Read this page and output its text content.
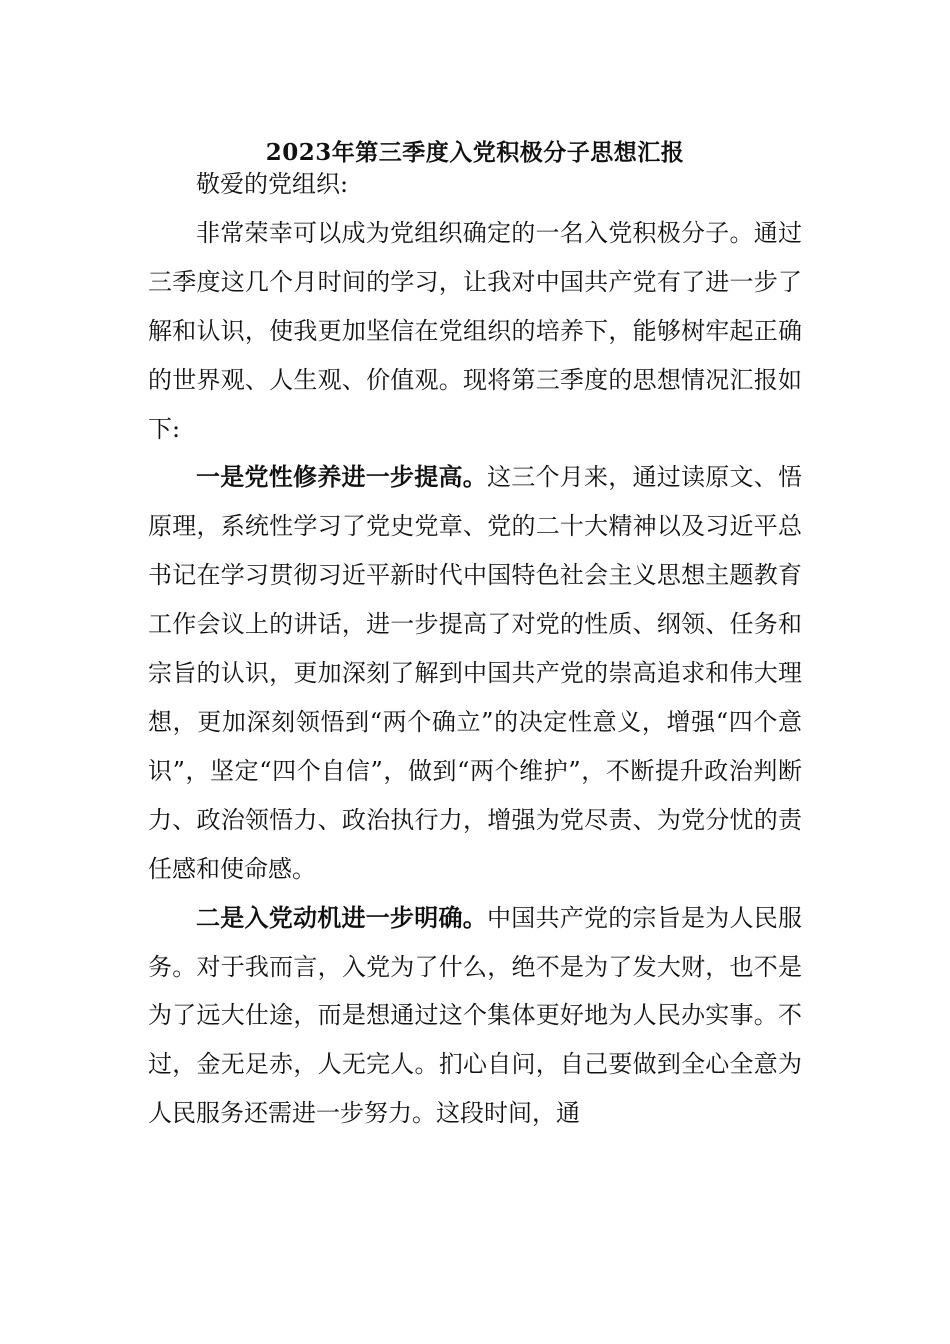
2023年第三季度入党积极分子思想汇报

敬爱的党组织:

非常荣幸可以成为党组织确定的一名入党积极分子。通过三季度这几个月时间的学习，让我对中国共产党有了进一步了解和认识，使我更加坚信在党组织的培养下，能够树牢起正确的世界观、人生观、价值观。现将第三季度的思想情况汇报如下:

一是党性修养进一步提高。这三个月来，通过读原文、悟原理，系统性学习了党史党章、党的二十大精神以及习近平总书记在学习贯彻习近平新时代中国特色社会主义思想主题教育工作会议上的讲话，进一步提高了对党的性质、纲领、任务和宗旨的认识，更加深刻了解到中国共产党的崇高追求和伟大理想，更加深刻领悟到“两个确立”的决定性意义，增强“四个意识”，坚定“四个自信”，做到“两个维护”，不断提升政治判断力、政治领悟力、政治执行力，增强为党尽责、为党分忧的责任感和使命感。

二是入党动机进一步明确。中国共产党的宗旨是为人民服务。对于我而言，入党为了什么，绝不是为了发大财，也不是为了远大仕途，而是想通过这个集体更好地为人民办实事。不过，金无足赤，人无完人。扪心自问，自己要做到全心全意为人民服务还需进一步努力。这段时间，通
